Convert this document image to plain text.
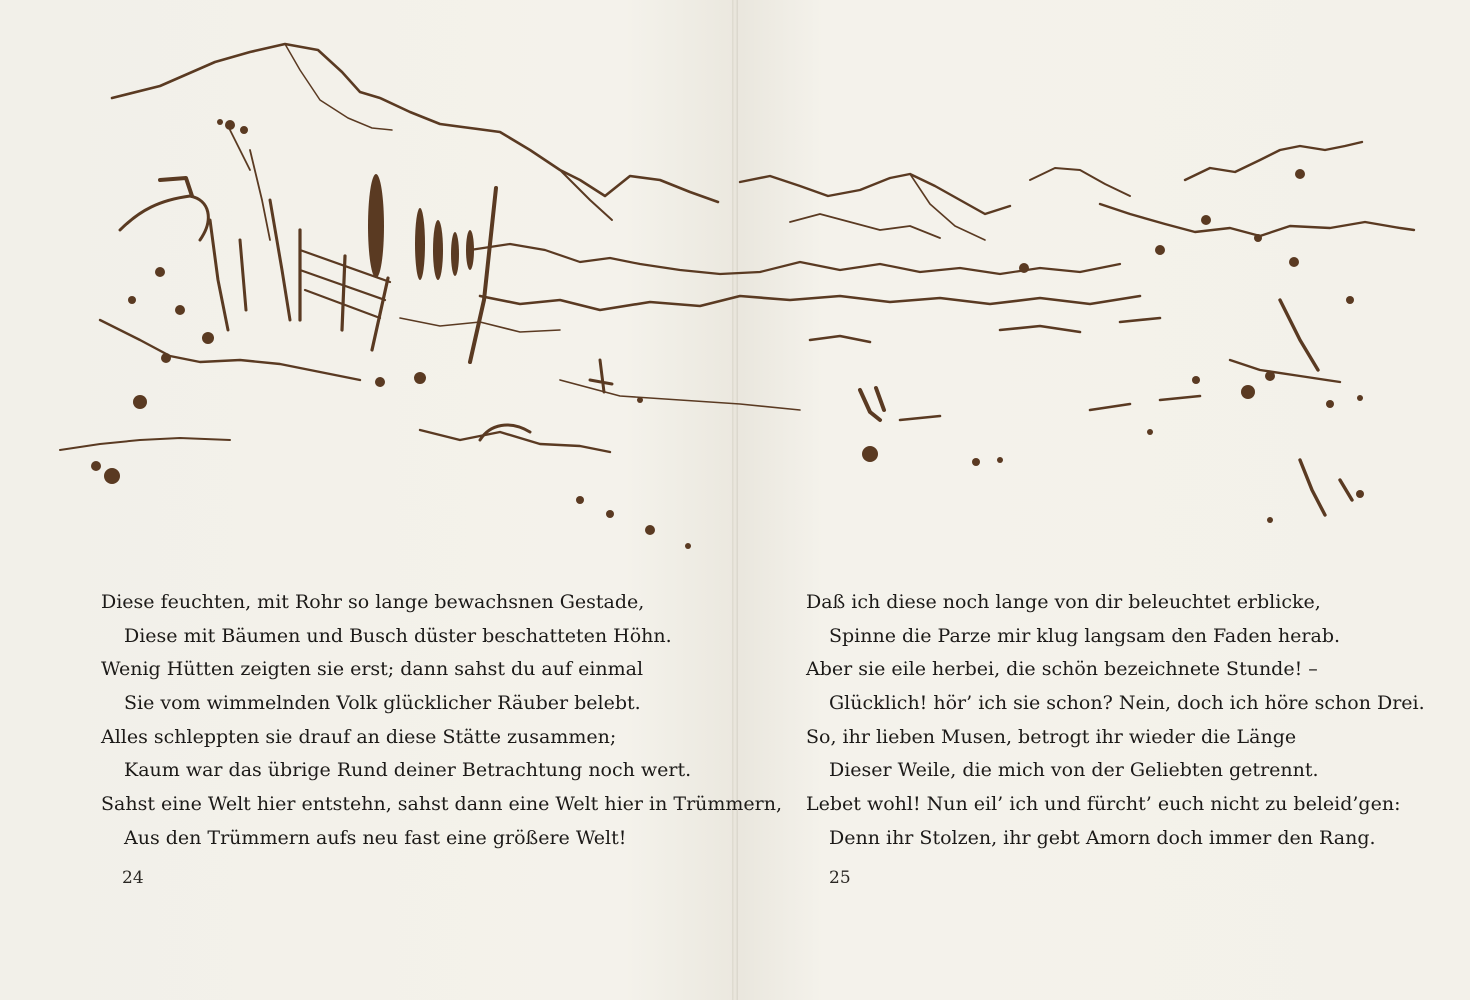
Diese feuchten, mit Rohr so lange bewachsnen Gestade,
Diese mit Bäumen und Busch düster beschatteten Höhn.
Wenig Hütten zeigten sie erst; dann sahst du auf einmal
Sie vom wimmelnden Volk glücklicher Räuber belebt.
Alles schleppten sie drauf an diese Stätte zusammen;
Kaum war das übrige Rund deiner Betrachtung noch wert.
Sahst eine Welt hier entstehn, sahst dann eine Welt hier in Trümmern,
Aus den Trümmern aufs neu fast eine größere Welt!
Daß ich diese noch lange von dir beleuchtet erblicke,
Spinne die Parze mir klug langsam den Faden herab.
Aber sie eile herbei, die schön bezeichnete Stunde! –
Glücklich! hör’ ich sie schon? Nein, doch ich höre schon Drei.
So, ihr lieben Musen, betrogt ihr wieder die Länge
Dieser Weile, die mich von der Geliebten getrennt.
Lebet wohl! Nun eil’ ich und fürcht’ euch nicht zu beleid’gen:
Denn ihr Stolzen, ihr gebt Amorn doch immer den Rang.
24	25
